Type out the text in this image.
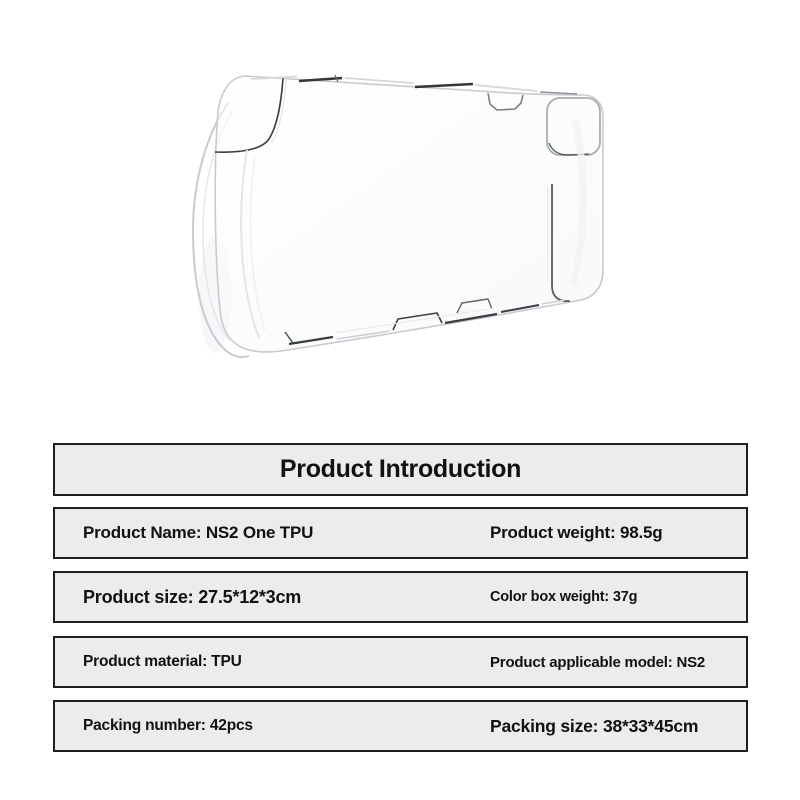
Product Introduction
Product Name: NS2 One TPU	Product weight: 98.5g
Product size: 27.5*12*3cm	Color box weight: 37g
Product material: TPU	Product applicable model: NS2
Packing number: 42pcs	Packing size: 38*33*45cm
